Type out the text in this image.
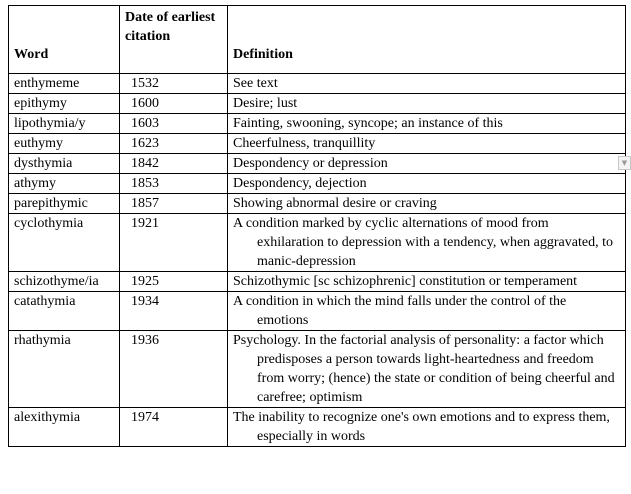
Word	Date of earliest citation	Definition
enthymeme	1532	See text

epithymy	1600	Desire; lust

lipothymia/y	1603	Fainting, swooning, syncope; an instance of this

euthymy	1623	Cheerfulness, tranquillity

dysthymia	1842	Despondency or depression

athymy	1853	Despondency, dejection

parepithymic	1857	Showing abnormal desire or craving

cyclothymia	1921	A condition marked by cyclic alternations of mood from exhilaration to depression with a tendency, when aggravated, to manic-depression

schizothyme/ia	1925	Schizothymic [sc schizophrenic] constitution or temperament

catathymia	1934	A condition in which the mind falls under the control of the emotions

rhathymia	1936	Psychology. In the factorial analysis of personality: a factor which predisposes a person towards light-heartedness and freedom from worry; (hence) the state or condition of being cheerful and carefree; optimism

alexithymia	1974	The inability to recognize one's own emotions and to express them, especially in words
▼
